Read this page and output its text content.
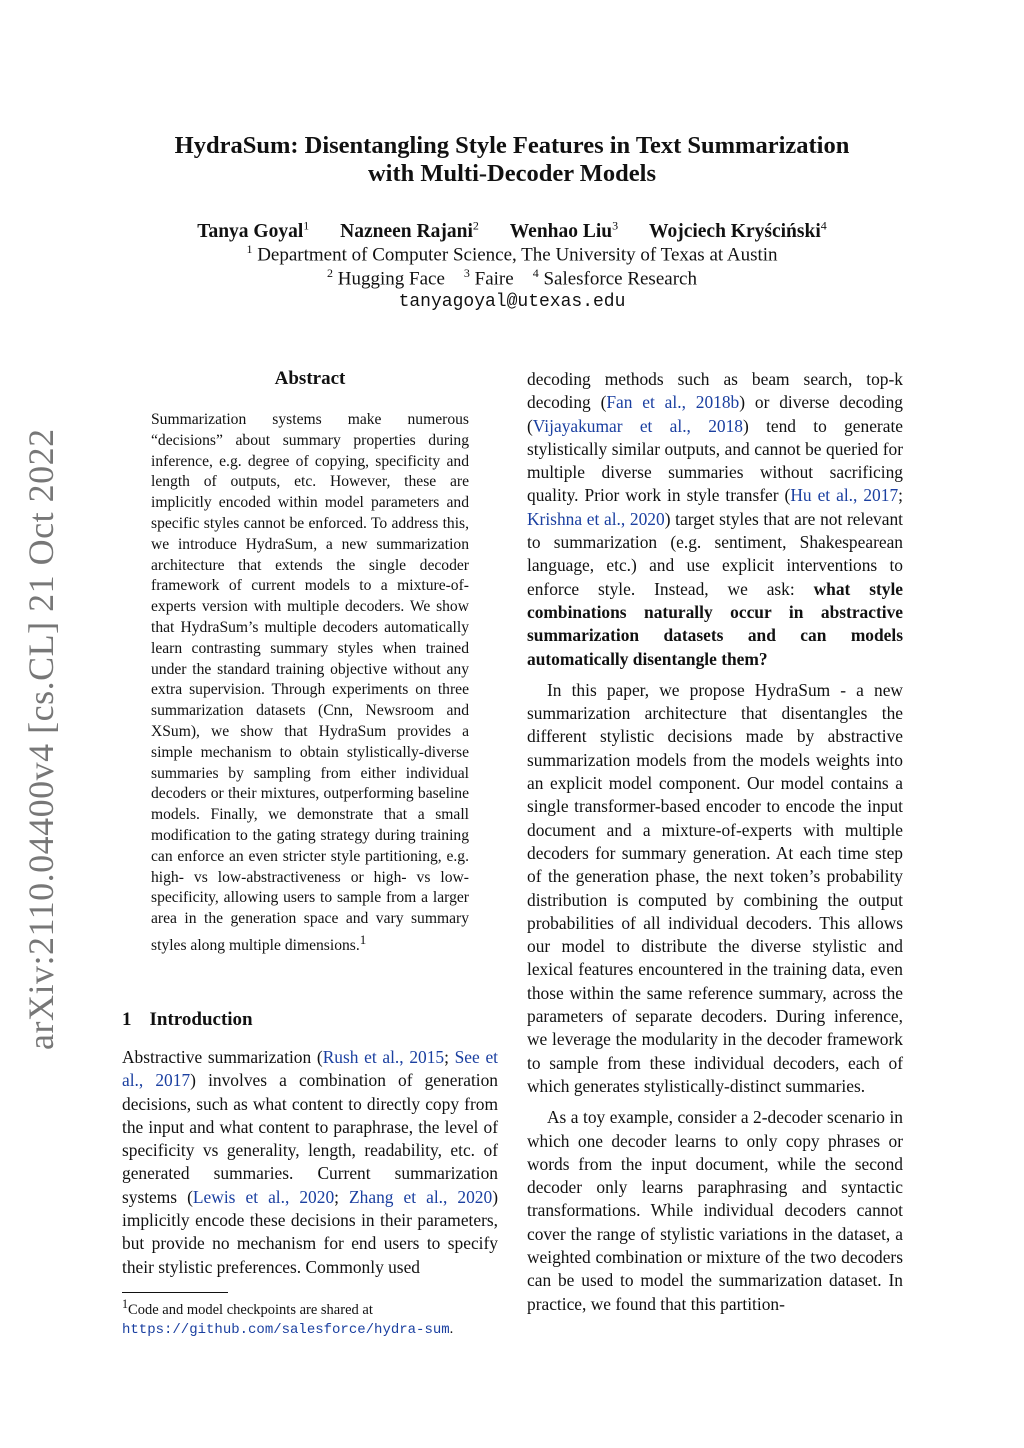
arXiv:2110.04400v4 [cs.CL] 21 Oct 2022
HydraSum: Disentangling Style Features in Text Summarization
with Multi-Decoder Models
Tanya Goyal$^1$ Nazneen Rajani$^2$ Wenhao Liu$^3$ Wojciech Kryściński$^4$
$^1$ Department of Computer Science, The University of Texas at Austin
$^2$ Hugging Face $^3$ Faire $^4$ Salesforce Research
tanyagoyal@utexas.edu
Abstract
Summarization systems make numerous “decisions” about summary properties during inference, e.g. degree of copying, specificity and length of outputs, etc. However, these are implicitly encoded within model parameters and specific styles cannot be enforced. To address this, we introduce HydraSum, a new summarization architecture that extends the single decoder framework of current models to a mixture-of-experts version with multiple decoders. We show that HydraSum’s multiple decoders automatically learn contrasting summary styles when trained under the standard training objective without any extra supervision. Through experiments on three summarization datasets (Cnn, Newsroom and XSum), we show that HydraSum provides a simple mechanism to obtain stylistically-diverse summaries by sampling from either individual decoders or their mixtures, outperforming baseline models. Finally, we demonstrate that a small modification to the gating strategy during training can enforce an even stricter style partitioning, e.g. high- vs low-abstractiveness or high- vs low-specificity, allowing users to sample from a larger area in the generation space and vary summary styles along multiple dimensions.$^1$
1 Introduction
Abstractive summarization (Rush et al., 2015; See et al., 2017) involves a combination of generation decisions, such as what content to directly copy from the input and what content to paraphrase, the level of specificity vs generality, length, readability, etc. of generated summaries. Current summarization systems (Lewis et al., 2020; Zhang et al., 2020) implicitly encode these decisions in their parameters, but provide no mechanism for end users to specify their stylistic preferences. Commonly used
$^1$Code and model checkpoints are shared at https://github.com/salesforce/hydra-sum.

decoding methods such as beam search, top-k decoding (Fan et al., 2018b) or diverse decoding (Vijayakumar et al., 2018) tend to generate stylistically similar outputs, and cannot be queried for multiple diverse summaries without sacrificing quality. Prior work in style transfer (Hu et al., 2017; Krishna et al., 2020) target styles that are not relevant to summarization (e.g. sentiment, Shakespearean language, etc.) and use explicit interventions to enforce style. Instead, we ask: what style combinations naturally occur in abstractive summarization datasets and can models automatically disentangle them?

In this paper, we propose HydraSum - a new summarization architecture that disentangles the different stylistic decisions made by abstractive summarization models from the models weights into an explicit model component. Our model contains a single transformer-based encoder to encode the input document and a mixture-of-experts with multiple decoders for summary generation. At each time step of the generation phase, the next token’s probability distribution is computed by combining the output probabilities of all individual decoders. This allows our model to distribute the diverse stylistic and lexical features encountered in the training data, even those within the same reference summary, across the parameters of separate decoders. During inference, we leverage the modularity in the decoder framework to sample from these individual decoders, each of which generates stylistically-distinct summaries.

As a toy example, consider a 2-decoder scenario in which one decoder learns to only copy phrases or words from the input document, while the second decoder only learns paraphrasing and syntactic transformations. While individual decoders cannot cover the range of stylistic variations in the dataset, a weighted combination or mixture of the two decoders can be used to model the summarization dataset. In practice, we found that this partition-
